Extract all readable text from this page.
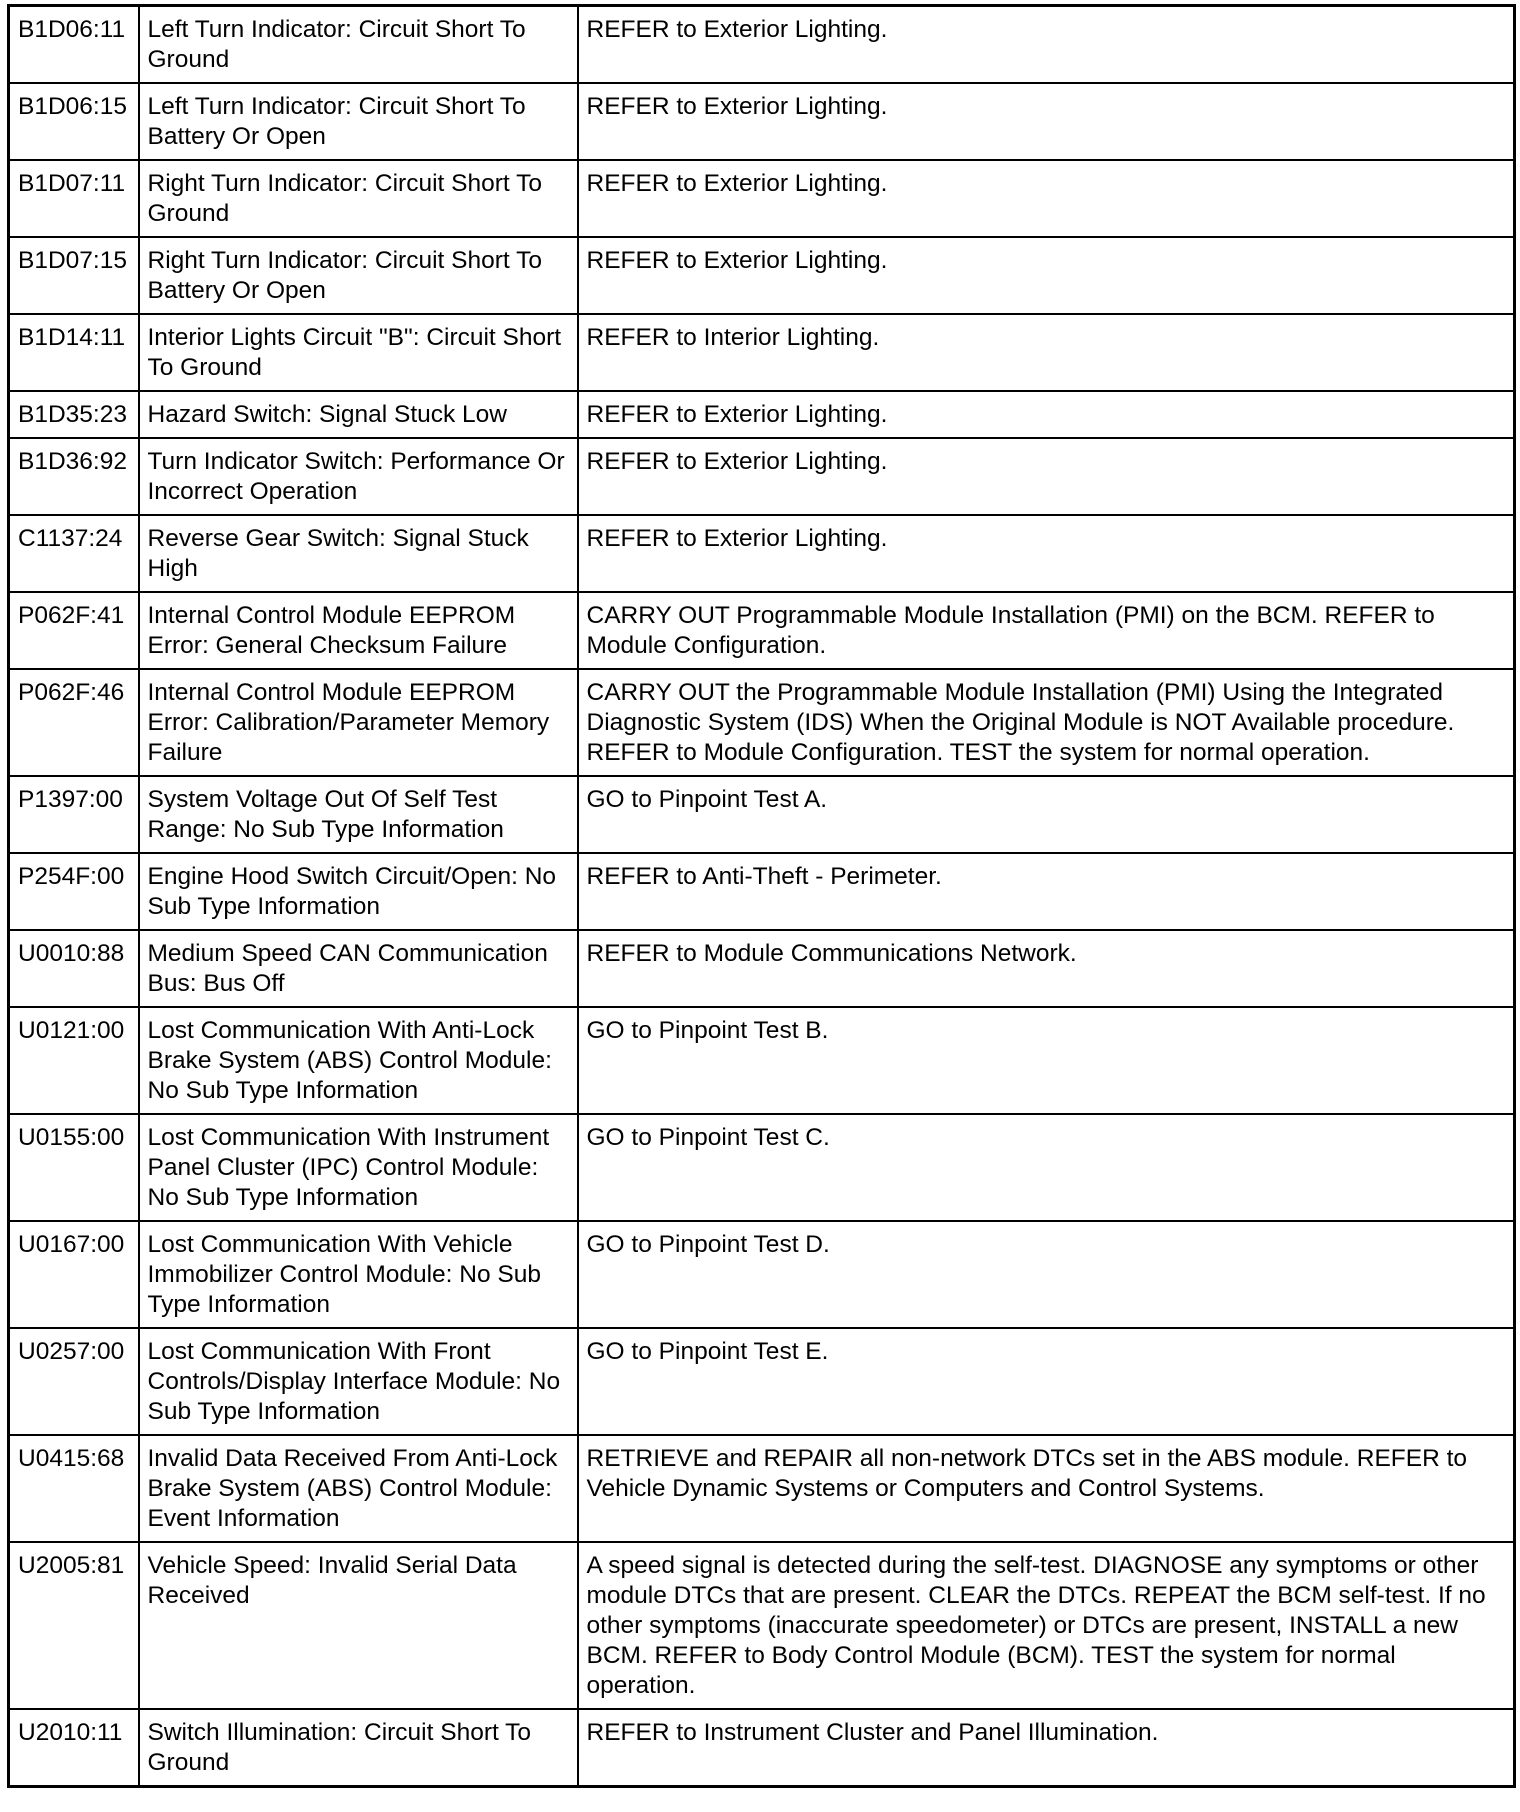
B1D06:11	Left Turn Indicator: Circuit Short To Ground	REFER to Exterior Lighting.
B1D06:15	Left Turn Indicator: Circuit Short To Battery Or Open	REFER to Exterior Lighting.
B1D07:11	Right Turn Indicator: Circuit Short To Ground	REFER to Exterior Lighting.
B1D07:15	Right Turn Indicator: Circuit Short To Battery Or Open	REFER to Exterior Lighting.
B1D14:11	Interior Lights Circuit "B": Circuit Short To Ground	REFER to Interior Lighting.
B1D35:23	Hazard Switch: Signal Stuck Low	REFER to Exterior Lighting.
B1D36:92	Turn Indicator Switch: Performance Or Incorrect Operation	REFER to Exterior Lighting.
C1137:24	Reverse Gear Switch: Signal Stuck High	REFER to Exterior Lighting.
P062F:41	Internal Control Module EEPROM Error: General Checksum Failure	CARRY OUT Programmable Module Installation (PMI) on the BCM. REFER to Module Configuration.
P062F:46	Internal Control Module EEPROM Error: Calibration/Parameter Memory Failure	CARRY OUT the Programmable Module Installation (PMI) Using the Integrated Diagnostic System (IDS) When the Original Module is NOT Available procedure. REFER to Module Configuration. TEST the system for normal operation.
P1397:00	System Voltage Out Of Self Test Range: No Sub Type Information	GO to Pinpoint Test A.
P254F:00	Engine Hood Switch Circuit/Open: No Sub Type Information	REFER to Anti-Theft - Perimeter.
U0010:88	Medium Speed CAN Communication Bus: Bus Off	REFER to Module Communications Network.
U0121:00	Lost Communication With Anti-Lock Brake System (ABS) Control Module: No Sub Type Information	GO to Pinpoint Test B.
U0155:00	Lost Communication With Instrument Panel Cluster (IPC) Control Module: No Sub Type Information	GO to Pinpoint Test C.
U0167:00	Lost Communication With Vehicle Immobilizer Control Module: No Sub Type Information	GO to Pinpoint Test D.
U0257:00	Lost Communication With Front Controls/Display Interface Module: No Sub Type Information	GO to Pinpoint Test E.
U0415:68	Invalid Data Received From Anti-Lock Brake System (ABS) Control Module: Event Information	RETRIEVE and REPAIR all non-network DTCs set in the ABS module. REFER to Vehicle Dynamic Systems or Computers and Control Systems.
U2005:81	Vehicle Speed: Invalid Serial Data Received	A speed signal is detected during the self-test. DIAGNOSE any symptoms or other module DTCs that are present. CLEAR the DTCs. REPEAT the BCM self-test. If no other symptoms (inaccurate speedometer) or DTCs are present, INSTALL a new BCM. REFER to Body Control Module (BCM). TEST the system for normal operation.
U2010:11	Switch Illumination: Circuit Short To Ground	REFER to Instrument Cluster and Panel Illumination.
